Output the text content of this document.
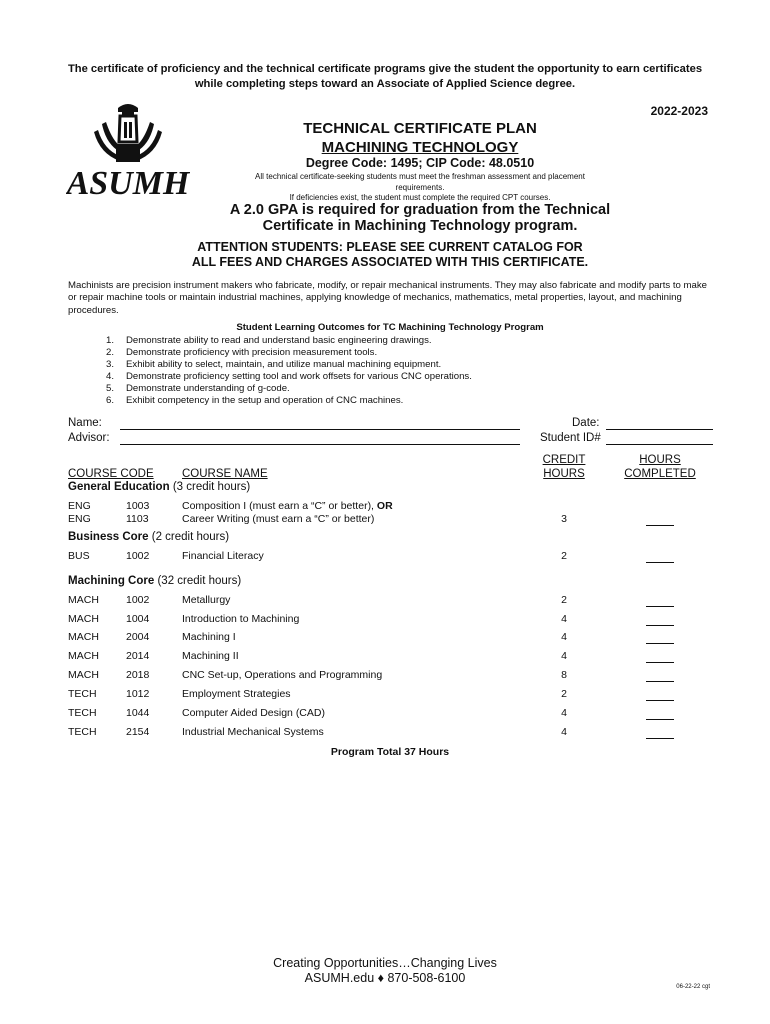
The certificate of proficiency and the technical certificate programs give the student the opportunity to earn certificates while completing steps toward an Associate of Applied Science degree.
2022-2023
ASUMH
TECHNICAL CERTIFICATE PLAN
MACHINING TECHNOLOGY
Degree Code: 1495; CIP Code: 48.0510
All technical certificate-seeking students must meet the freshman assessment and placement requirements.
If deficiencies exist, the student must complete the required CPT courses.
A 2.0 GPA is required for graduation from the Technical Certificate in Machining Technology program.
ATTENTION STUDENTS: PLEASE SEE CURRENT CATALOG FOR
ALL FEES AND CHARGES ASSOCIATED WITH THIS CERTIFICATE.
Machinists are precision instrument makers who fabricate, modify, or repair mechanical instruments. They may also fabricate and modify parts to make or repair machine tools or maintain industrial machines, applying knowledge of mechanics, mathematics, metal properties, layout, and machining procedures.
Student Learning Outcomes for TC Machining Technology Program
1. Demonstrate ability to read and understand basic engineering drawings.
2. Demonstrate proficiency with precision measurement tools.
3. Exhibit ability to select, maintain, and utilize manual machining equipment.
4. Demonstrate proficiency setting tool and work offsets for various CNC operations.
5. Demonstrate understanding of g-code.
6. Exhibit competency in the setup and operation of CNC machines.
Name:
Advisor:
Date:
Student ID#
COURSE CODE COURSE NAME
CREDIT
HOURS
HOURS
COMPLETED
General Education (3 credit hours)
ENG	1003	Composition I (must earn a “C” or better), OR
ENG	1103	Career Writing (must earn a “C” or better)	3
Business Core (2 credit hours)
BUS	1002	Financial Literacy	2
Machining Core (32 credit hours)
MACH	1002	Metallurgy	2
MACH	1004	Introduction to Machining	4
MACH	2004	Machining I	4
MACH	2014	Machining II	4
MACH	2018	CNC Set-up, Operations and Programming	8
TECH	1012	Employment Strategies	2
TECH	1044	Computer Aided Design (CAD)	4
TECH	2154	Industrial Mechanical Systems	4
Program Total 37 Hours
Creating Opportunities…Changing Lives
ASUMH.edu ♦ 870-508-6100
06-22-22 cgt
